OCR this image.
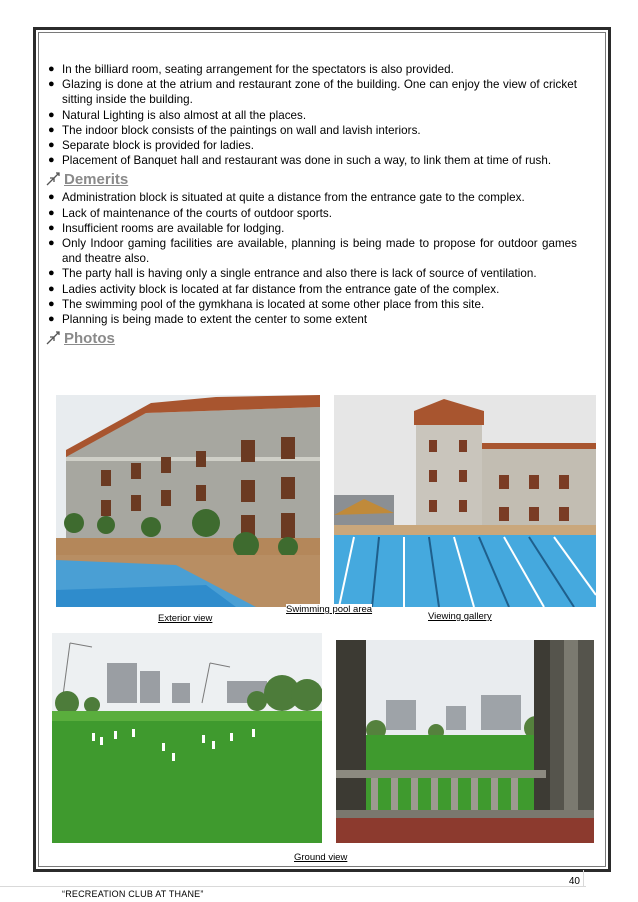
● In the billiard room, seating arrangement for the spectators is also provided.
● Glazing is done at the atrium and restaurant zone of the building. One can enjoy the view of cricket sitting inside the building.
● Natural Lighting is also almost at all the places.
● The indoor block consists of the paintings on wall and lavish interiors.
● Separate block is provided for ladies.
● Placement of Banquet hall and restaurant was done in such a way, to link them at time of rush.
Demerits
● Administration block is situated at quite a distance from the entrance gate to the complex.
● Lack of maintenance of the courts of outdoor sports.
● Insufficient rooms are available for lodging.
● Only Indoor gaming facilities are available, planning is being made to propose for outdoor games and theatre also.
● The party hall is having only a single entrance and also there is lack of source of ventilation.
● Ladies activity block is located at far distance from the entrance gate of the complex.
● The swimming pool of the gymkhana is located at some other place from this site.
● Planning is being made to extent the center to some extent
Photos
Exterior view
Swimming pool area
Viewing gallery
Ground view
40
“RECREATION CLUB AT THANE”
